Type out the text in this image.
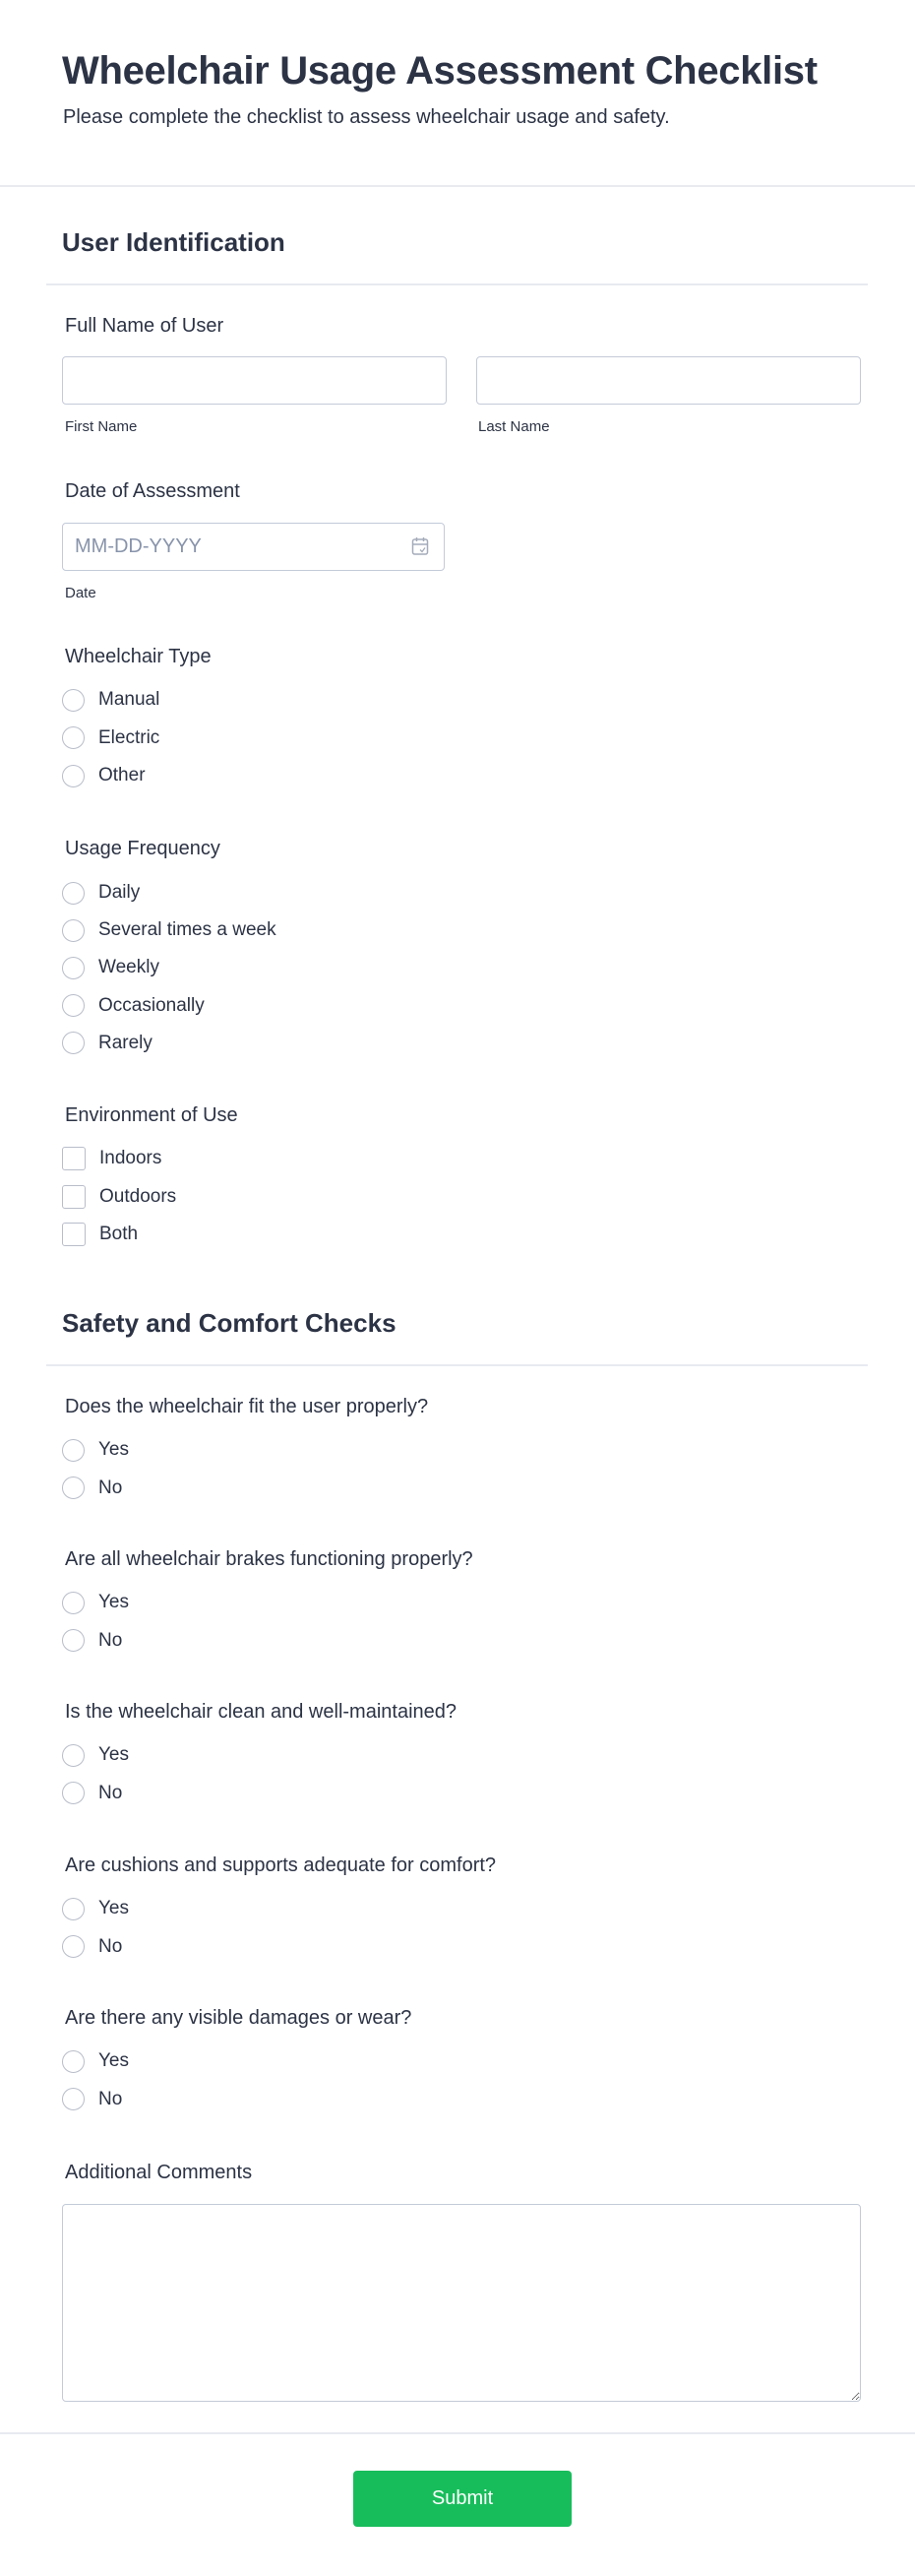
Wheelchair Usage Assessment Checklist
Please complete the checklist to assess wheelchair usage and safety.
User Identification
Full Name of User
First Name	Last Name
Date of Assessment
MM-DD-YYYY
Date
Wheelchair Type
Manual
Electric
Other
Usage Frequency
Daily
Several times a week
Weekly
Occasionally
Rarely
Environment of Use
Indoors
Outdoors
Both
Safety and Comfort Checks
Does the wheelchair fit the user properly?
Yes
No
Are all wheelchair brakes functioning properly?
Yes
No
Is the wheelchair clean and well-maintained?
Yes
No
Are cushions and supports adequate for comfort?
Yes
No
Are there any visible damages or wear?
Yes
No
Additional Comments
Submit
